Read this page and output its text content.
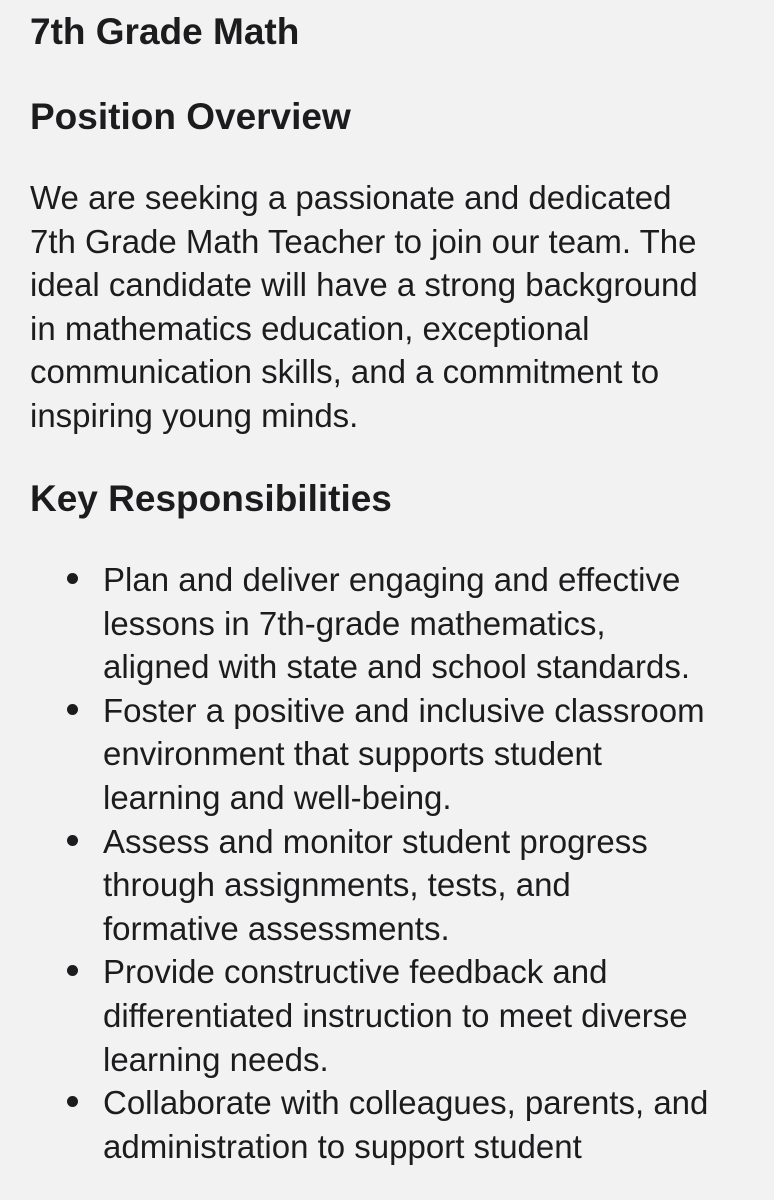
7th Grade Math
Position Overview

We are seeking a passionate and dedicated
7th Grade Math Teacher to join our team. The
ideal candidate will have a strong background
in mathematics education, exceptional
communication skills, and a commitment to
inspiring young minds.

Key Responsibilities
Plan and deliver engaging and effective
lessons in 7th-grade mathematics,
aligned with state and school standards.
Foster a positive and inclusive classroom
environment that supports student
learning and well-being.
Assess and monitor student progress
through assignments, tests, and
formative assessments.
Provide constructive feedback and
differentiated instruction to meet diverse
learning needs.
Collaborate with colleagues, parents, and
administration to support student
